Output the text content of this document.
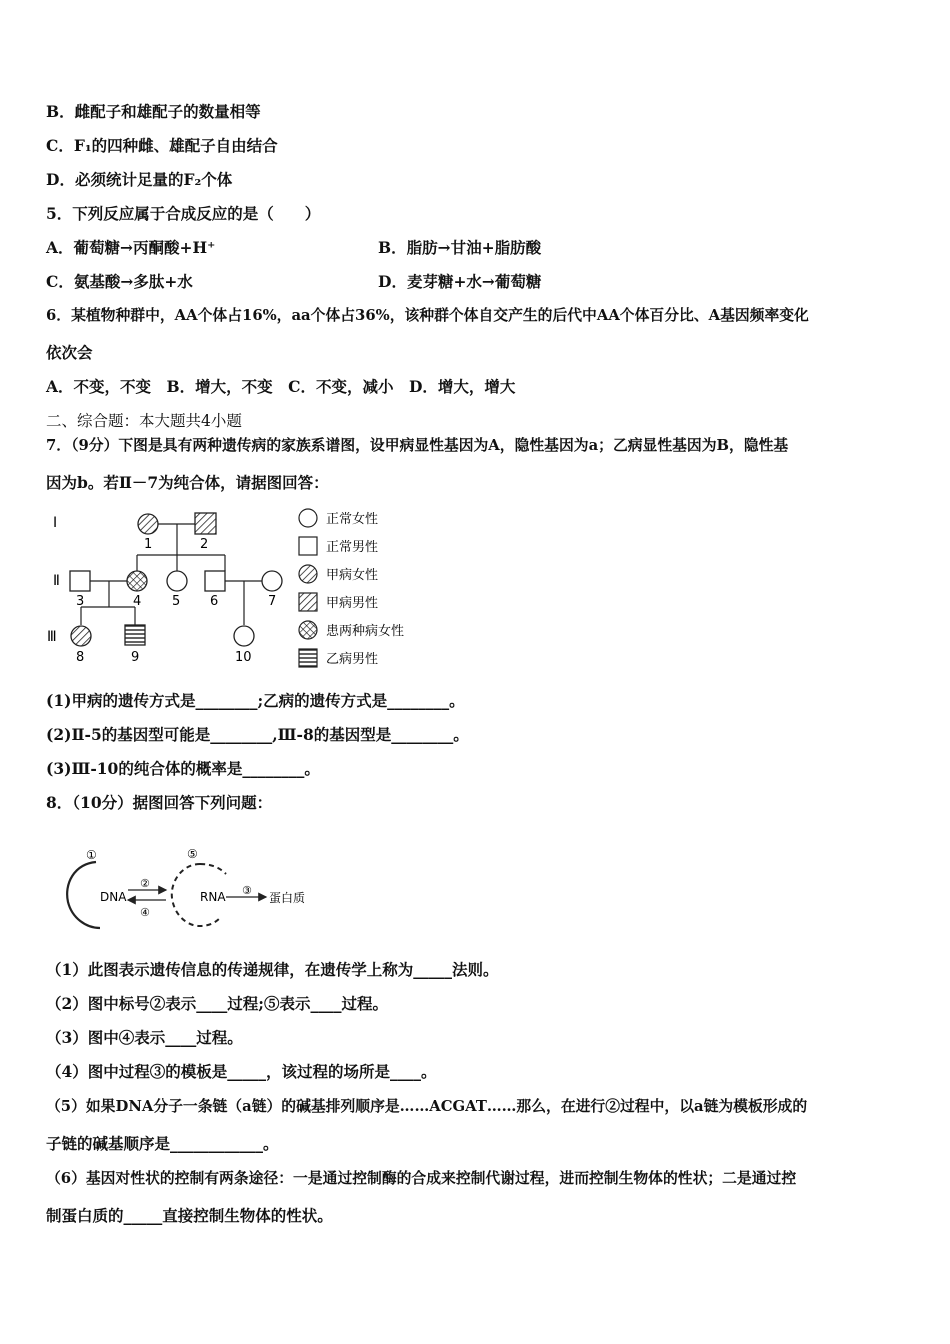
B．雌配子和雄配子的数量相等
C．F₁的四种雌、雄配子自由结合
D．必须统计足量的F₂个体
5．下列反应属于合成反应的是（　　）
A．葡萄糖→丙酮酸+H⁺	B．脂肪→甘油+脂肪酸
C．氨基酸→多肽+水	D．麦芽糖+水→葡萄糖
6．某植物种群中，AA个体占16%，aa个体占36%，该种群个体自交产生的后代中AA个体百分比、A基因频率变化
依次会
A．不变，不变　B．增大，不变　C．不变，减小　D．增大，增大
二、综合题：本大题共4小题
7．（9分）下图是具有两种遗传病的家族系谱图，设甲病显性基因为A，隐性基因为a；乙病显性基因为B，隐性基
因为b。若Ⅱ－7为纯合体，请据图回答：
Ⅰ
Ⅱ
Ⅲ
1	2
3	4 5 6	7
8	9	10
正常女性
正常男性
甲病女性
甲病男性
患两种病女性
乙病男性
(1)甲病的遗传方式是________;乙病的遗传方式是________。
(2)Ⅱ-5的基因型可能是________,Ⅲ-8的基因型是________。
(3)Ⅲ-10的纯合体的概率是________。
8．（10分）据图回答下列问题：
①
DNA
②
④
⑤
RNA ③
蛋白质
（1）此图表示遗传信息的传递规律，在遗传学上称为_____法则。
（2）图中标号②表示____过程;⑤表示____过程。
（3）图中④表示____过程。
（4）图中过程③的模板是_____，该过程的场所是____。
（5）如果DNA分子一条链（a链）的碱基排列顺序是……ACGAT……那么，在进行②过程中，以a链为模板形成的
子链的碱基顺序是____________。
（6）基因对性状的控制有两条途径：一是通过控制酶的合成来控制代谢过程，进而控制生物体的性状；二是通过控
制蛋白质的_____直接控制生物体的性状。
